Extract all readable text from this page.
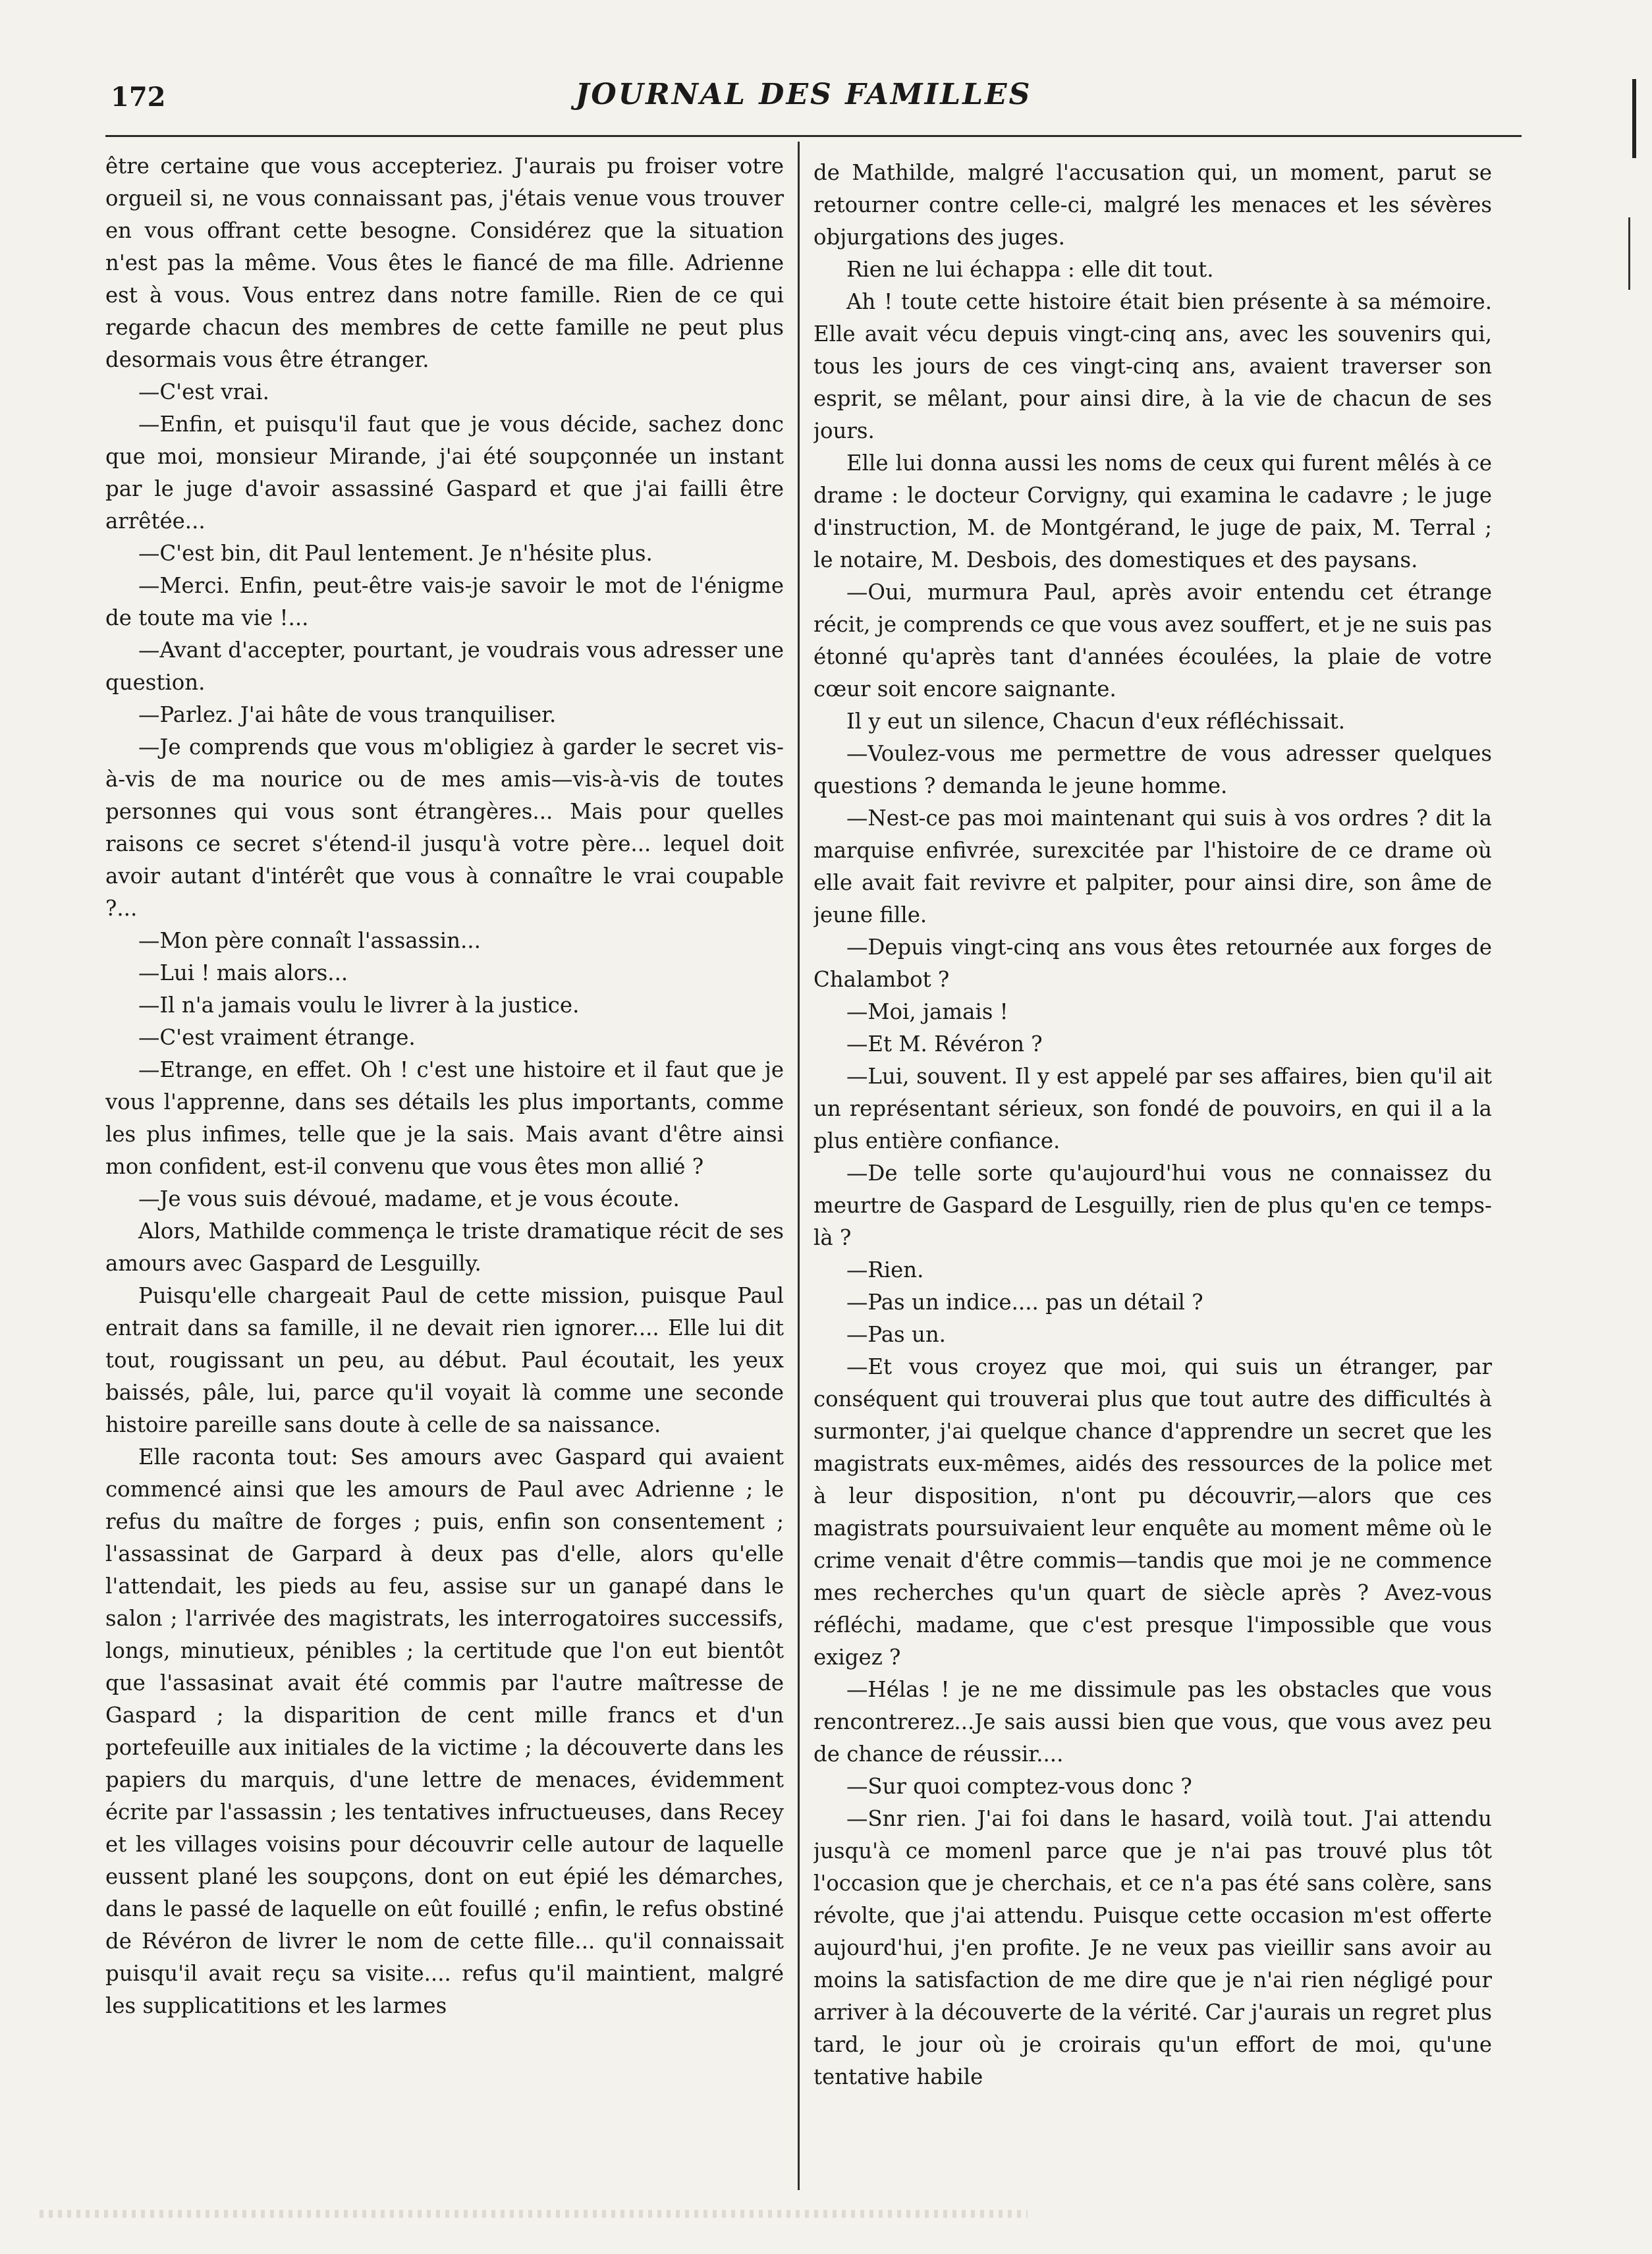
172	JOURNAL DES FAMILLES

être certaine que vous accepteriez. J'aurais pu froiser votre orgueil si, ne vous connaissant pas, j'étais venue vous trouver en vous offrant cette besogne. Considérez que la situation n'est pas la même. Vous êtes le fiancé de ma fille. Adrienne est à vous. Vous entrez dans notre famille. Rien de ce qui regarde chacun des membres de cette famille ne peut plus desormais vous être étranger.

—C'est vrai.

—Enfin, et puisqu'il faut que je vous décide, sachez donc que moi, monsieur Mirande, j'ai été soupçonnée un instant par le juge d'avoir assassiné Gaspard et que j'ai failli être arrêtée...

—C'est bin, dit Paul lentement. Je n'hésite plus.

—Merci. Enfin, peut-être vais-je savoir le mot de l'énigme de toute ma vie !...

—Avant d'accepter, pourtant, je voudrais vous adresser une question.

—Parlez. J'ai hâte de vous tranquiliser.

—Je comprends que vous m'obligiez à garder le secret vis-à-vis de ma nourice ou de mes amis—vis-à-vis de toutes personnes qui vous sont étrangères... Mais pour quelles raisons ce secret s'étend-il jusqu'à votre père... lequel doit avoir autant d'intérêt que vous à connaître le vrai coupable ?...

—Mon père connaît l'assassin...

—Lui ! mais alors...

—Il n'a jamais voulu le livrer à la justice.

—C'est vraiment étrange.

—Etrange, en effet. Oh ! c'est une histoire et il faut que je vous l'apprenne, dans ses détails les plus importants, comme les plus infimes, telle que je la sais. Mais avant d'être ainsi mon confident, est-il convenu que vous êtes mon allié ?

—Je vous suis dévoué, madame, et je vous écoute.

Alors, Mathilde commença le triste dramatique récit de ses amours avec Gaspard de Lesguilly.

Puisqu'elle chargeait Paul de cette mission, puisque Paul entrait dans sa famille, il ne devait rien ignorer.... Elle lui dit tout, rougissant un peu, au début. Paul écoutait, les yeux baissés, pâle, lui, parce qu'il voyait là comme une seconde histoire pareille sans doute à celle de sa naissance.

Elle raconta tout: Ses amours avec Gaspard qui avaient commencé ainsi que les amours de Paul avec Adrienne ; le refus du maître de forges ; puis, enfin son consentement ; l'assassinat de Garpard à deux pas d'elle, alors qu'elle l'attendait, les pieds au feu, assise sur un ganapé dans le salon ; l'arrivée des magistrats, les interrogatoires successifs, longs, minutieux, pénibles ; la certitude que l'on eut bientôt que l'assasinat avait été commis par l'autre maîtresse de Gaspard ; la disparition de cent mille francs et d'un portefeuille aux initiales de la victime ; la découverte dans les papiers du marquis, d'une lettre de menaces, évidemment écrite par l'assassin ; les tentatives infructueuses, dans Recey et les villages voisins pour découvrir celle autour de laquelle eussent plané les soupçons, dont on eut épié les démarches, dans le passé de laquelle on eût fouillé ; enfin, le refus obstiné de Révéron de livrer le nom de cette fille... qu'il connaissait puisqu'il avait reçu sa visite.... refus qu'il maintient, malgré les supplicatitions et les larmes

de Mathilde, malgré l'accusation qui, un moment, parut se retourner contre celle-ci, malgré les menaces et les sévères objurgations des juges.

Rien ne lui échappa : elle dit tout.

Ah ! toute cette histoire était bien présente à sa mémoire. Elle avait vécu depuis vingt-cinq ans, avec les souvenirs qui, tous les jours de ces vingt-cinq ans, avaient traverser son esprit, se mêlant, pour ainsi dire, à la vie de chacun de ses jours.

Elle lui donna aussi les noms de ceux qui furent mêlés à ce drame : le docteur Corvigny, qui examina le cadavre ; le juge d'instruction, M. de Montgérand, le juge de paix, M. Terral ; le notaire, M. Desbois, des domestiques et des paysans.

—Oui, murmura Paul, après avoir entendu cet étrange récit, je comprends ce que vous avez souffert, et je ne suis pas étonné qu'après tant d'années écoulées, la plaie de votre cœur soit encore saignante.

Il y eut un silence, Chacun d'eux réfléchissait.

—Voulez-vous me permettre de vous adresser quelques questions ? demanda le jeune homme.

—Nest-ce pas moi maintenant qui suis à vos ordres ? dit la marquise enfivrée, surexcitée par l'histoire de ce drame où elle avait fait revivre et palpiter, pour ainsi dire, son âme de jeune fille.

—Depuis vingt-cinq ans vous êtes retournée aux forges de Chalambot ?

—Moi, jamais !

—Et M. Révéron ?

—Lui, souvent. Il y est appelé par ses affaires, bien qu'il ait un représentant sérieux, son fondé de pouvoirs, en qui il a la plus entière confiance.

—De telle sorte qu'aujourd'hui vous ne connaissez du meurtre de Gaspard de Lesguilly, rien de plus qu'en ce temps-là ?

—Rien.

—Pas un indice.... pas un détail ?

—Pas un.

—Et vous croyez que moi, qui suis un étranger, par conséquent qui trouverai plus que tout autre des difficultés à surmonter, j'ai quelque chance d'apprendre un secret que les magistrats eux-mêmes, aidés des ressources de la police met à leur disposition, n'ont pu découvrir,—alors que ces magistrats poursuivaient leur enquête au moment même où le crime venait d'être commis—tandis que moi je ne commence mes recherches qu'un quart de siècle après ? Avez-vous réfléchi, madame, que c'est presque l'impossible que vous exigez ?

—Hélas ! je ne me dissimule pas les obstacles que vous rencontrerez...Je sais aussi bien que vous, que vous avez peu de chance de réussir....

—Sur quoi comptez-vous donc ?

—Snr rien. J'ai foi dans le hasard, voilà tout. J'ai attendu jusqu'à ce momenl parce que je n'ai pas trouvé plus tôt l'occasion que je cherchais, et ce n'a pas été sans colère, sans révolte, que j'ai attendu. Puisque cette occasion m'est offerte aujourd'hui, j'en profite. Je ne veux pas vieillir sans avoir au moins la satisfaction de me dire que je n'ai rien négligé pour arriver à la découverte de la vérité. Car j'aurais un regret plus tard, le jour où je croirais qu'un effort de moi, qu'une tentative habile
